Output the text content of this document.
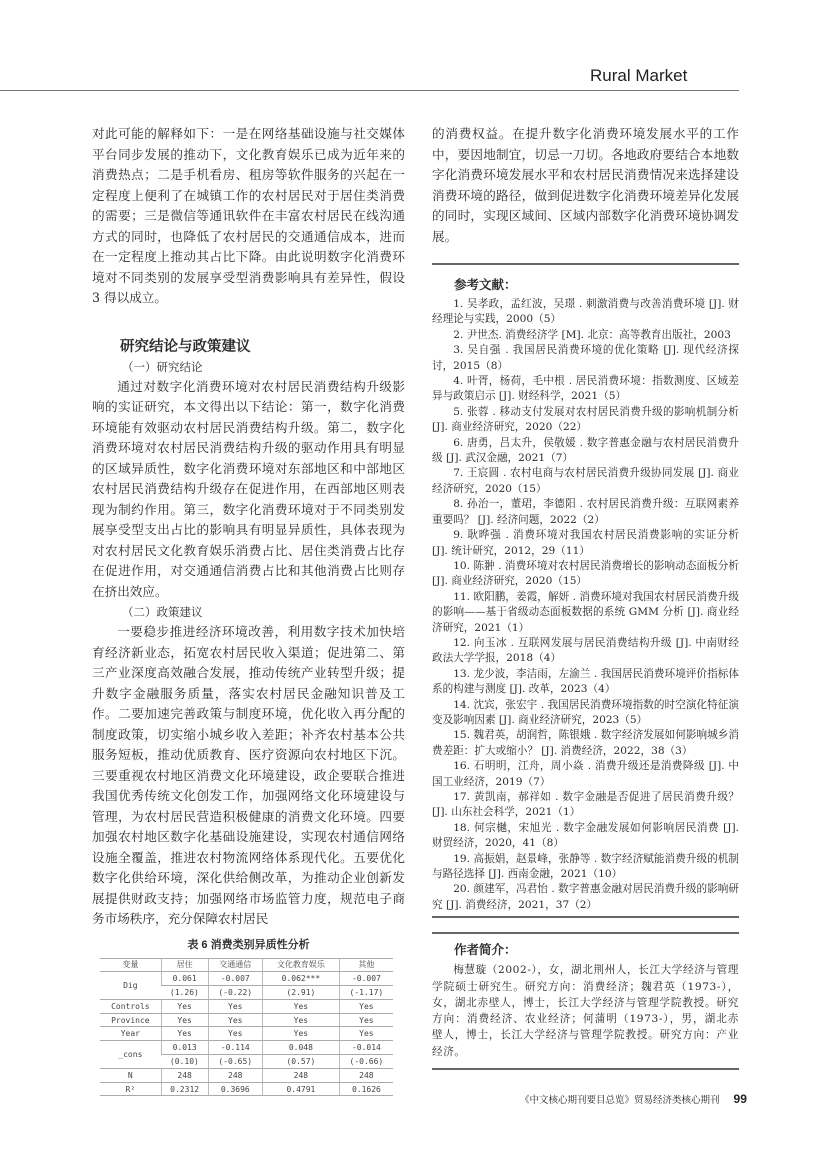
Rural Market

对此可能的解释如下：一是在网络基础设施与社交媒体平台同步发展的推动下，文化教育娱乐已成为近年来的消费热点；二是手机看房、租房等软件服务的兴起在一定程度上便利了在城镇工作的农村居民对于居住类消费的需要；三是微信等通讯软件在丰富农村居民在线沟通方式的同时，也降低了农村居民的交通通信成本，进而在一定程度上推动其占比下降。由此说明数字化消费环境对不同类别的发展享受型消费影响具有差异性，假设 3 得以成立。

研究结论与政策建议
（一）研究结论

通过对数字化消费环境对农村居民消费结构升级影响的实证研究，本文得出以下结论：第一，数字化消费环境能有效驱动农村居民消费结构升级。第二，数字化消费环境对农村居民消费结构升级的驱动作用具有明显的区域异质性，数字化消费环境对东部地区和中部地区农村居民消费结构升级存在促进作用，在西部地区则表现为制约作用。第三，数字化消费环境对于不同类别发展享受型支出占比的影响具有明显异质性，具体表现为对农村居民文化教育娱乐消费占比、居住类消费占比存在促进作用，对交通通信消费占比和其他消费占比则存在挤出效应。

（二）政策建议

一要稳步推进经济环境改善，利用数字技术加快培育经济新业态，拓宽农村居民收入渠道；促进第二、第三产业深度高效融合发展，推动传统产业转型升级；提升数字金融服务质量，落实农村居民金融知识普及工作。二要加速完善政策与制度环境，优化收入再分配的制度政策，切实缩小城乡收入差距；补齐农村基本公共服务短板，推动优质教育、医疗资源向农村地区下沉。三要重视农村地区消费文化环境建设，政企要联合推进我国优秀传统文化创发工作，加强网络文化环境建设与管理，为农村居民营造积极健康的消费文化环境。四要加强农村地区数字化基础设施建设，实现农村通信网络设施全覆盖，推进农村物流网络体系现代化。五要优化数字化供给环境，深化供给侧改革，为推动企业创新发展提供财政支持；加强网络市场监管力度，规范电子商务市场秩序，充分保障农村居民

表 6 消费类别异质性分析
变量	居住	交通通信	文化教育娱乐	其他
Dig	0.061	-0.007	0.062***	-0.007
	(1.26)	(-0.22)	(2.91)	(-1.17)
Controls	Yes	Yes	Yes	Yes
Province	Yes	Yes	Yes	Yes
Year	Yes	Yes	Yes	Yes
_cons	0.013	-0.114	0.048	-0.014
	(0.10)	(-0.65)	(0.57)	(-0.66)
N	248	248	248	248
R²	0.2312	0.3696	0.4791	0.1626

的消费权益。在提升数字化消费环境发展水平的工作中，要因地制宜，切忌一刀切。各地政府要结合本地数字化消费环境发展水平和农村居民消费情况来选择建设消费环境的路径，做到促进数字化消费环境差异化发展的同时，实现区域间、区域内部数字化消费环境协调发展。

参考文献：

1. 吴孝政，孟红波，吴璟 . 刺激消费与改善消费环境 [J]. 财经理论与实践，2000（5）

2. 尹世杰. 消费经济学 [M]. 北京：高等教育出版社，2003

3. 吴自强 . 我国居民消费环境的优化策略 [J]. 现代经济探讨，2015（8）

4. 叶胥，杨荷，毛中根 . 居民消费环境：指数测度、区域差异与政策启示 [J]. 财经科学，2021（5）

5. 张蓉 . 移动支付发展对农村居民消费升级的影响机制分析 [J]. 商业经济研究，2020（22）

6. 唐勇，吕太升，侯敬媛 . 数字普惠金融与农村居民消费升级 [J]. 武汉金融，2021（7）

7. 王宸圆 . 农村电商与农村居民消费升级协同发展 [J]. 商业经济研究，2020（15）

8. 孙治一，董珺，李德阳 . 农村居民消费升级：互联网素养重要吗？ [J]. 经济问题，2022（2）

9. 耿晔强 . 消费环境对我国农村居民消费影响的实证分析 [J]. 统计研究，2012，29（11）

10. 陈翀 . 消费环境对农村居民消费增长的影响动态面板分析 [J]. 商业经济研究，2020（15）

11. 欧阳鹏，姜霞，解妍 . 消费环境对我国农村居民消费升级的影响——基于省级动态面板数据的系统 GMM 分析 [J]. 商业经济研究，2021（1）

12. 向玉冰 . 互联网发展与居民消费结构升级 [J]. 中南财经政法大学学报，2018（4）

13. 龙少波，李洁雨，左渝兰 . 我国居民消费环境评价指标体系的构建与测度 [J]. 改革，2023（4）

14. 沈宾，张宏宇 . 我国居民消费环境指数的时空演化特征演变及影响因素 [J]. 商业经济研究，2023（5）

15. 魏君英，胡润哲，陈银娥 . 数字经济发展如何影响城乡消费差距：扩大或缩小？ [J]. 消费经济，2022，38（3）

16. 石明明，江舟，周小焱 . 消费升级还是消费降级 [J]. 中国工业经济，2019（7）

17. 黄凯南，郝祥如 . 数字金融是否促进了居民消费升级？ [J]. 山东社会科学，2021（1）

18. 何宗樾，宋旭光 . 数字金融发展如何影响居民消费 [J]. 财贸经济，2020，41（8）

19. 高振娟，赵景峰，张静等 . 数字经济赋能消费升级的机制与路径选择 [J]. 西南金融，2021（10）

20. 颜建军，冯君怡 . 数字普惠金融对居民消费升级的影响研究 [J]. 消费经济，2021，37（2）

作者简介：

梅慧璇（2002-），女，湖北荆州人，长江大学经济与管理学院硕士研究生。研究方向：消费经济；魏君英（1973-），女，湖北赤壁人，博士，长江大学经济与管理学院教授。研究方向：消费经济、农业经济；何蒲明（1973-），男，湖北赤壁人，博士，长江大学经济与管理学院教授。研究方向：产业经济。

《中文核心期刊要目总览》贸易经济类核心期刊 99
